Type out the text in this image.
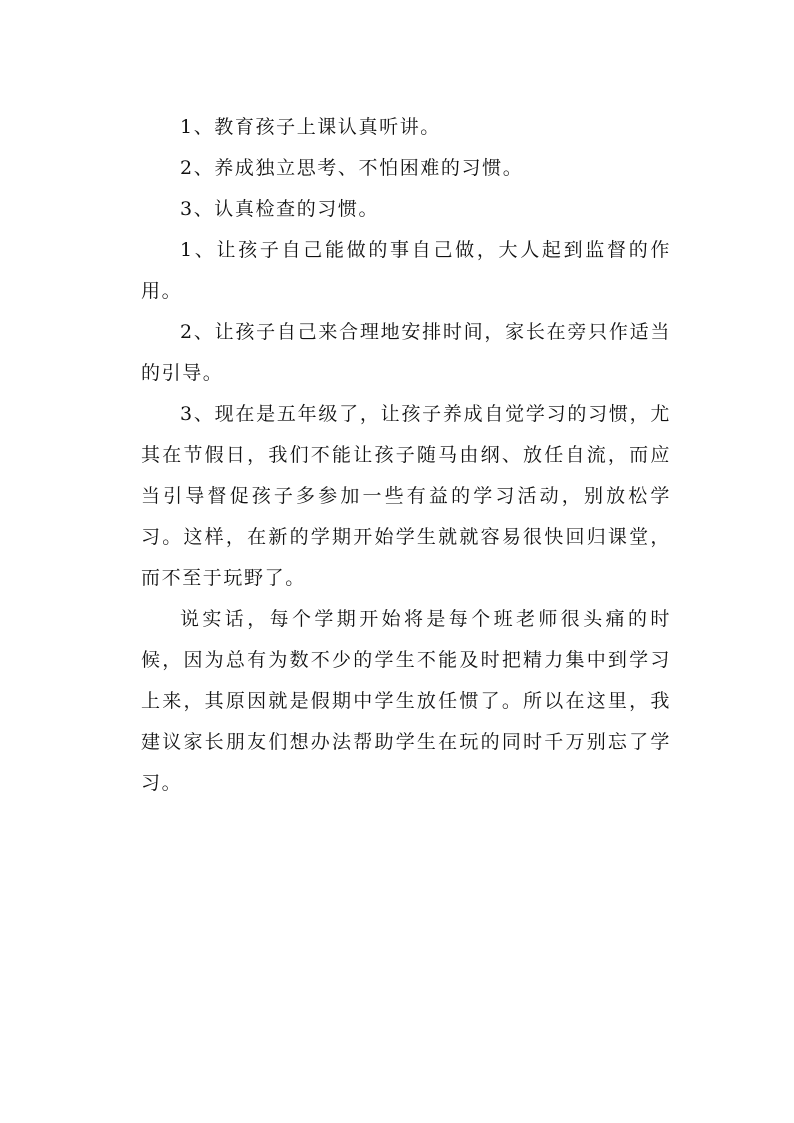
1、教育孩子上课认真听讲。

2、养成独立思考、不怕困难的习惯。

3、认真检查的习惯。

1、让孩子自己能做的事自己做，大人起到监督的作用。

2、让孩子自己来合理地安排时间，家长在旁只作适当的引导。

3、现在是五年级了，让孩子养成自觉学习的习惯，尤其在节假日，我们不能让孩子随马由纲、放任自流，而应当引导督促孩子多参加一些有益的学习活动，别放松学习。这样，在新的学期开始学生就就容易很快回归课堂，而不至于玩野了。

说实话，每个学期开始将是每个班老师很头痛的时候，因为总有为数不少的学生不能及时把精力集中到学习上来，其原因就是假期中学生放任惯了。所以在这里，我建议家长朋友们想办法帮助学生在玩的同时千万别忘了学习。
